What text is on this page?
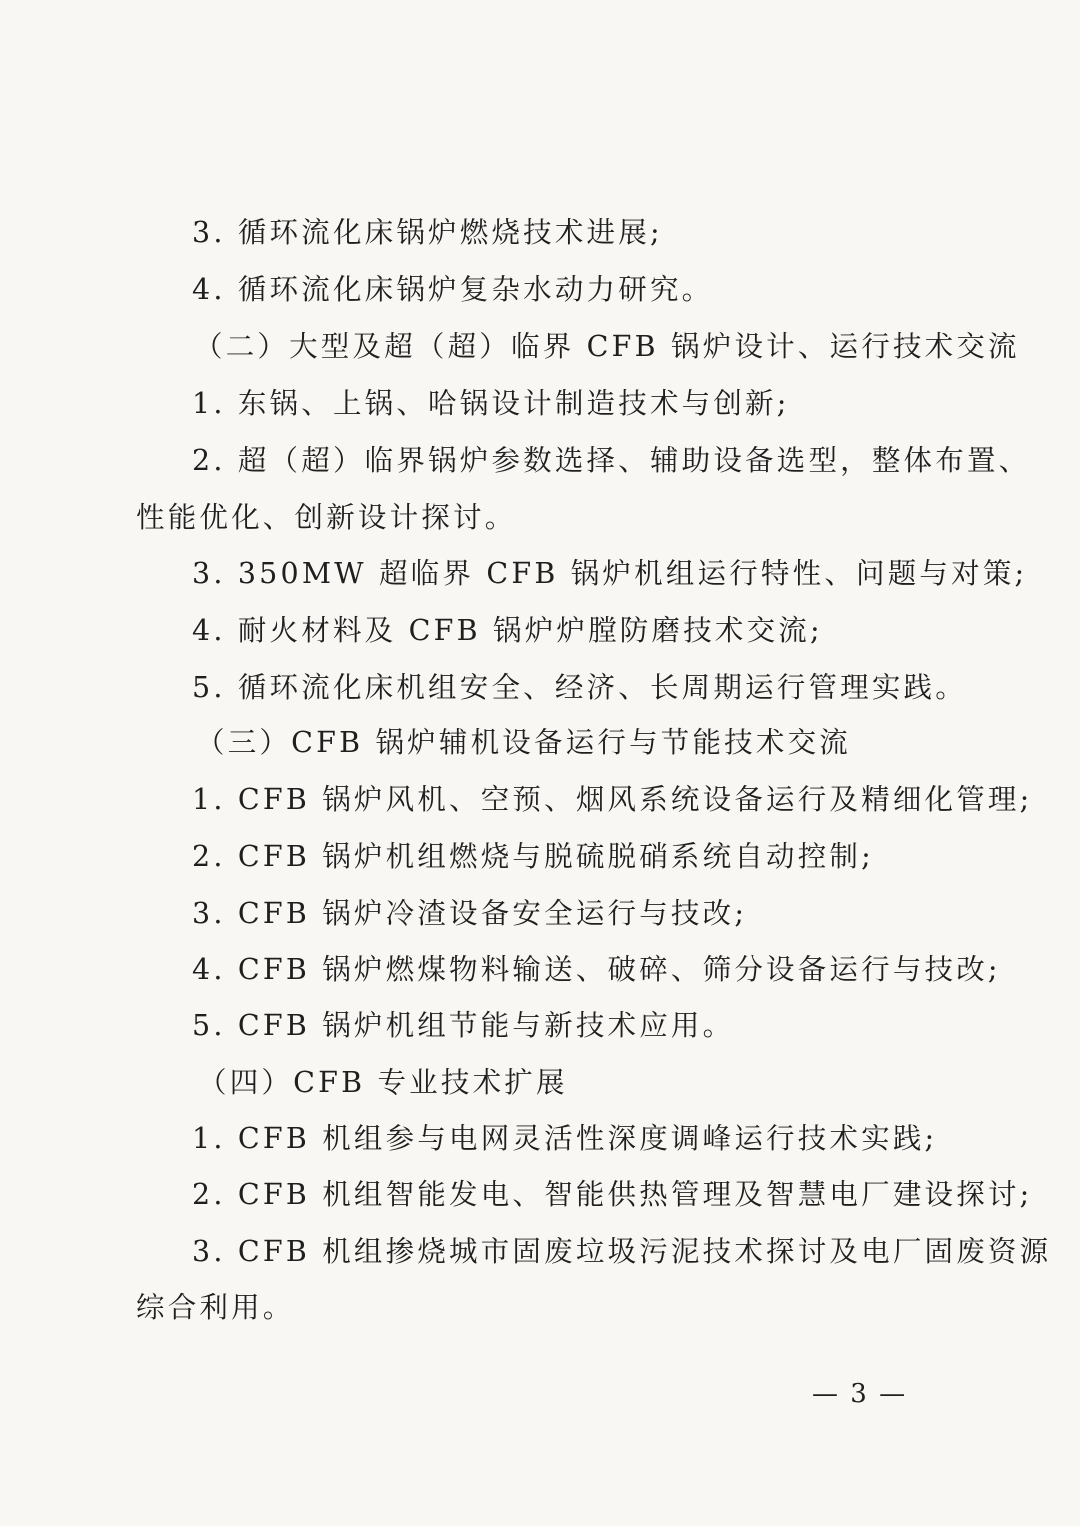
3. 循环流化床锅炉燃烧技术进展;
4. 循环流化床锅炉复杂水动力研究。
（二）大型及超（超）临界 CFB 锅炉设计、运行技术交流
1. 东锅、上锅、哈锅设计制造技术与创新;
2. 超（超）临界锅炉参数选择、辅助设备选型，整体布置、
性能优化、创新设计探讨。
3. 350MW 超临界 CFB 锅炉机组运行特性、问题与对策;
4. 耐火材料及 CFB 锅炉炉膛防磨技术交流;
5. 循环流化床机组安全、经济、长周期运行管理实践。
（三）CFB 锅炉辅机设备运行与节能技术交流
1. CFB 锅炉风机、空预、烟风系统设备运行及精细化管理;
2. CFB 锅炉机组燃烧与脱硫脱硝系统自动控制;
3. CFB 锅炉冷渣设备安全运行与技改;
4. CFB 锅炉燃煤物料输送、破碎、筛分设备运行与技改;
5. CFB 锅炉机组节能与新技术应用。
（四）CFB 专业技术扩展
1. CFB 机组参与电网灵活性深度调峰运行技术实践;
2. CFB 机组智能发电、智能供热管理及智慧电厂建设探讨;
3. CFB 机组掺烧城市固废垃圾污泥技术探讨及电厂固废资源
综合利用。
— 3 —
